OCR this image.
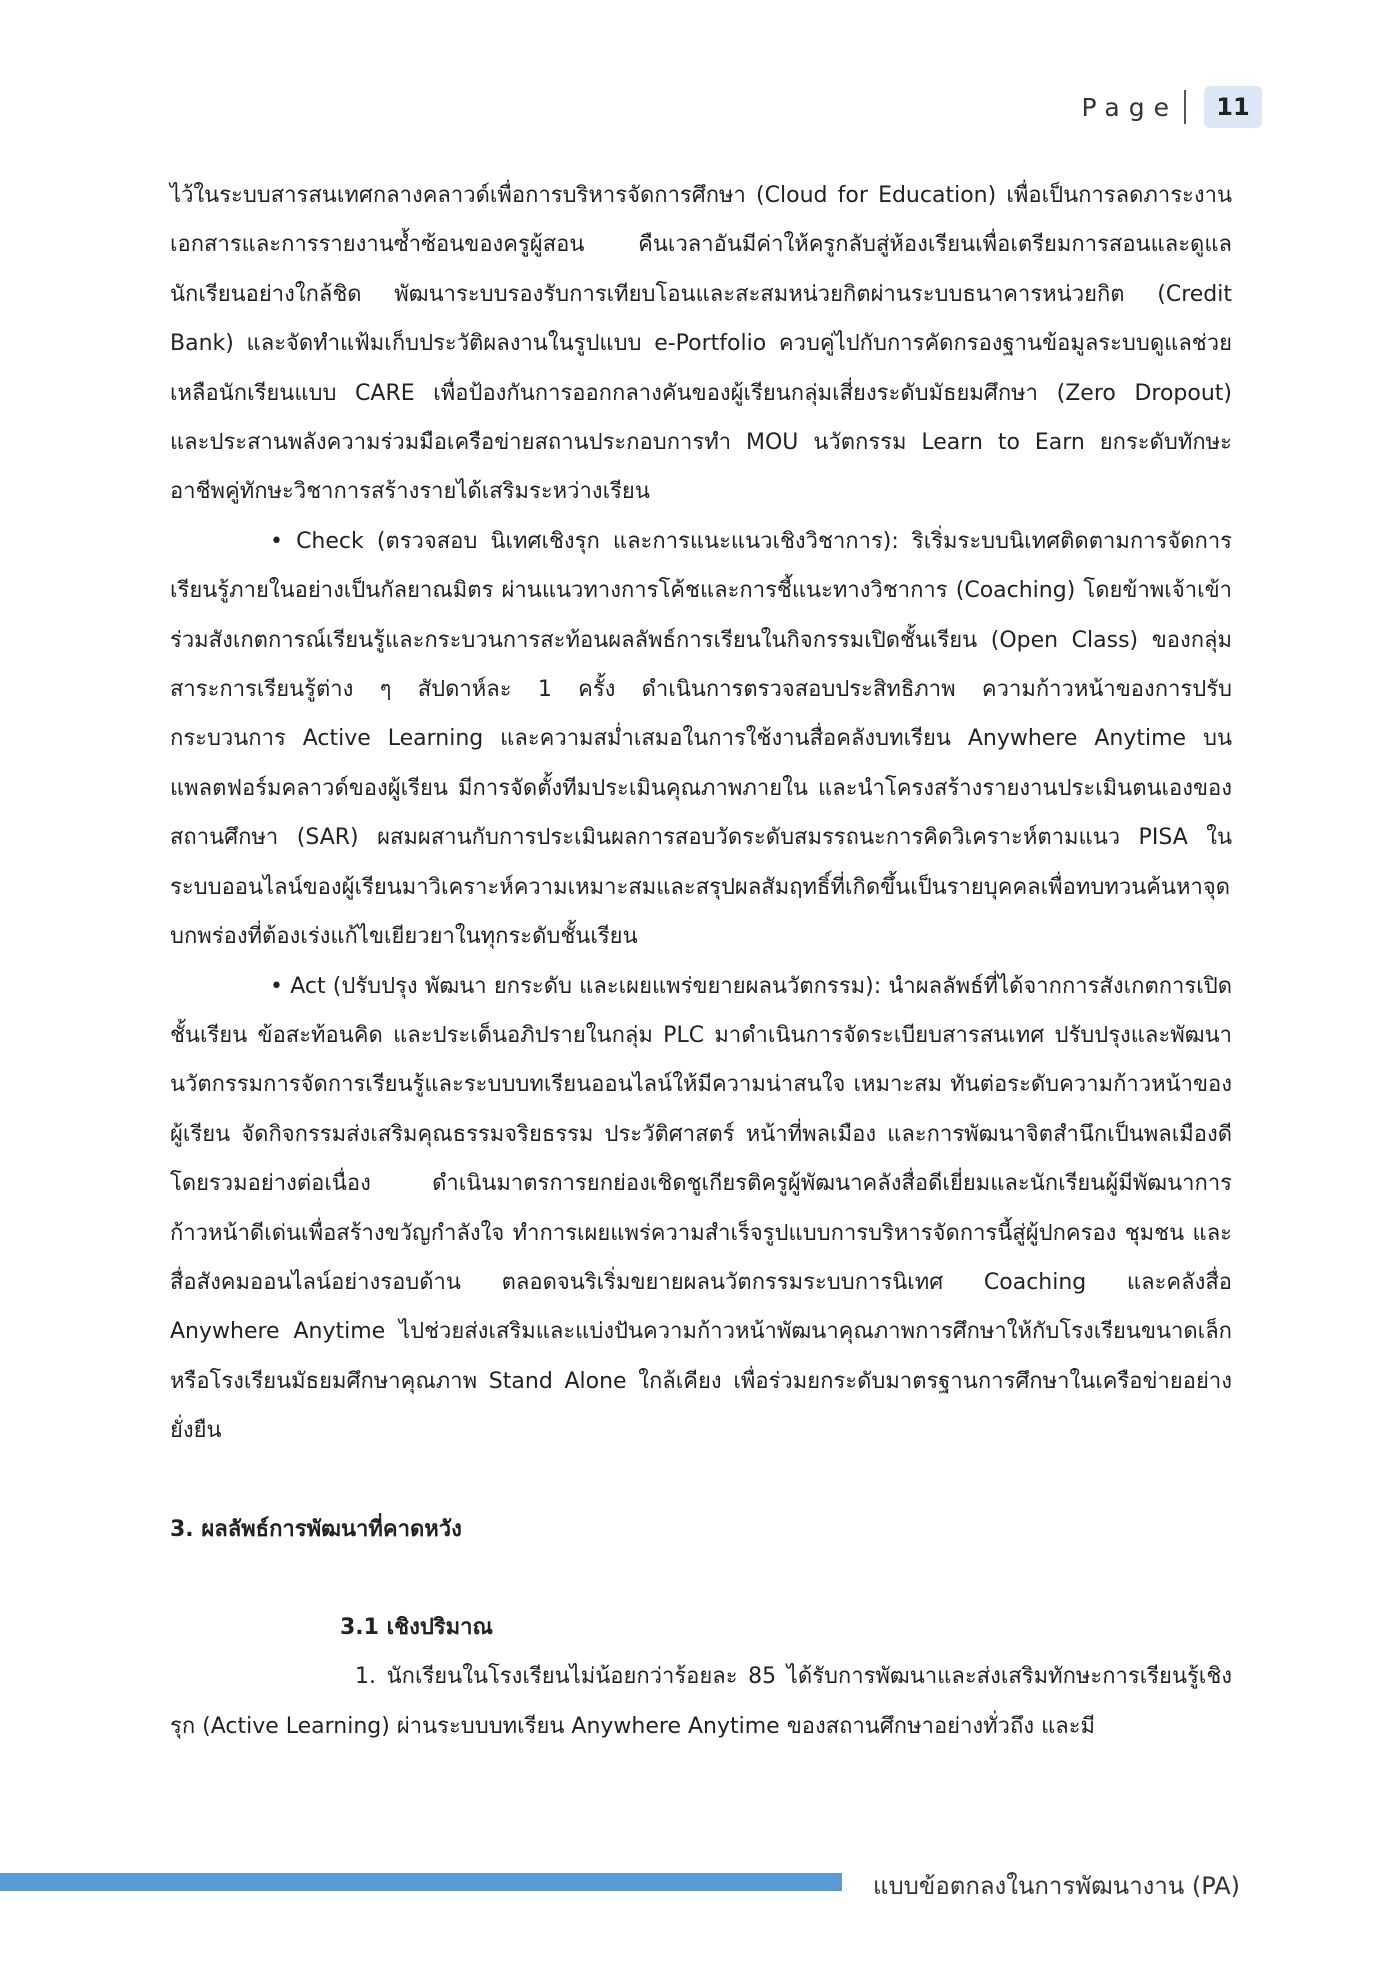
Page	11

ไว้ในระบบสารสนเทศกลางคลาวด์เพื่อการบริหารจัดการศึกษา (Cloud for Education) เพื่อเป็นการลดภาระงานเอกสารและการรายงานซ้ำซ้อนของครูผู้สอน คืนเวลาอันมีค่าให้ครูกลับสู่ห้องเรียนเพื่อเตรียมการสอนและดูแลนักเรียนอย่างใกล้ชิด พัฒนาระบบรองรับการเทียบโอนและสะสมหน่วยกิตผ่านระบบธนาคารหน่วยกิต (Credit Bank) และจัดทำแฟ้มเก็บประวัติผลงานในรูปแบบ e-Portfolio ควบคู่ไปกับการคัดกรองฐานข้อมูลระบบดูแลช่วยเหลือนักเรียนแบบ CARE เพื่อป้องกันการออกกลางคันของผู้เรียนกลุ่มเสี่ยงระดับมัธยมศึกษา (Zero Dropout) และประสานพลังความร่วมมือเครือข่ายสถานประกอบการทำ MOU นวัตกรรม Learn to Earn ยกระดับทักษะอาชีพคู่ทักษะวิชาการสร้างรายได้เสริมระหว่างเรียน

• Check (ตรวจสอบ นิเทศเชิงรุก และการแนะแนวเชิงวิชาการ): ริเริ่มระบบนิเทศติดตามการจัดการเรียนรู้ภายในอย่างเป็นกัลยาณมิตร ผ่านแนวทางการโค้ชและการชี้แนะทางวิชาการ (Coaching) โดยข้าพเจ้าเข้าร่วมสังเกตการณ์เรียนรู้และกระบวนการสะท้อนผลลัพธ์การเรียนในกิจกรรมเปิดชั้นเรียน (Open Class) ของกลุ่มสาระการเรียนรู้ต่าง ๆ สัปดาห์ละ 1 ครั้ง ดำเนินการตรวจสอบประสิทธิภาพ ความก้าวหน้าของการปรับกระบวนการ Active Learning และความสม่ำเสมอในการใช้งานสื่อคลังบทเรียน Anywhere Anytime บนแพลตฟอร์มคลาวด์ของผู้เรียน มีการจัดตั้งทีมประเมินคุณภาพภายใน และนำโครงสร้างรายงานประเมินตนเองของสถานศึกษา (SAR) ผสมผสานกับการประเมินผลการสอบวัดระดับสมรรถนะการคิดวิเคราะห์ตามแนว PISA ในระบบออนไลน์ของผู้เรียนมาวิเคราะห์ความเหมาะสมและสรุปผลสัมฤทธิ์ที่เกิดขึ้นเป็นรายบุคคลเพื่อทบทวนค้นหาจุดบกพร่องที่ต้องเร่งแก้ไขเยียวยาในทุกระดับชั้นเรียน

• Act (ปรับปรุง พัฒนา ยกระดับ และเผยแพร่ขยายผลนวัตกรรม): นำผลลัพธ์ที่ได้จากการสังเกตการเปิดชั้นเรียน ข้อสะท้อนคิด และประเด็นอภิปรายในกลุ่ม PLC มาดำเนินการจัดระเบียบสารสนเทศ ปรับปรุงและพัฒนานวัตกรรมการจัดการเรียนรู้และระบบบทเรียนออนไลน์ให้มีความน่าสนใจ เหมาะสม ทันต่อระดับความก้าวหน้าของผู้เรียน จัดกิจกรรมส่งเสริมคุณธรรมจริยธรรม ประวัติศาสตร์ หน้าที่พลเมือง และการพัฒนาจิตสำนึกเป็นพลเมืองดีโดยรวมอย่างต่อเนื่อง ดำเนินมาตรการยกย่องเชิดชูเกียรติครูผู้พัฒนาคลังสื่อดีเยี่ยมและนักเรียนผู้มีพัฒนาการก้าวหน้าดีเด่นเพื่อสร้างขวัญกำลังใจ ทำการเผยแพร่ความสำเร็จรูปแบบการบริหารจัดการนี้สู่ผู้ปกครอง ชุมชน และสื่อสังคมออนไลน์อย่างรอบด้าน ตลอดจนริเริ่มขยายผลนวัตกรรมระบบการนิเทศ Coaching และคลังสื่อ Anywhere Anytime ไปช่วยส่งเสริมและแบ่งปันความก้าวหน้าพัฒนาคุณภาพการศึกษาให้กับโรงเรียนขนาดเล็ก หรือโรงเรียนมัธยมศึกษาคุณภาพ Stand Alone ใกล้เคียง เพื่อร่วมยกระดับมาตรฐานการศึกษาในเครือข่ายอย่างยั่งยืน

3. ผลลัพธ์การพัฒนาที่คาดหวัง

3.1 เชิงปริมาณ

1. นักเรียนในโรงเรียนไม่น้อยกว่าร้อยละ 85 ได้รับการพัฒนาและส่งเสริมทักษะการเรียนรู้เชิงรุก (Active Learning) ผ่านระบบบทเรียน Anywhere Anytime ของสถานศึกษาอย่างทั่วถึง และมี

แบบข้อตกลงในการพัฒนางาน (PA)
